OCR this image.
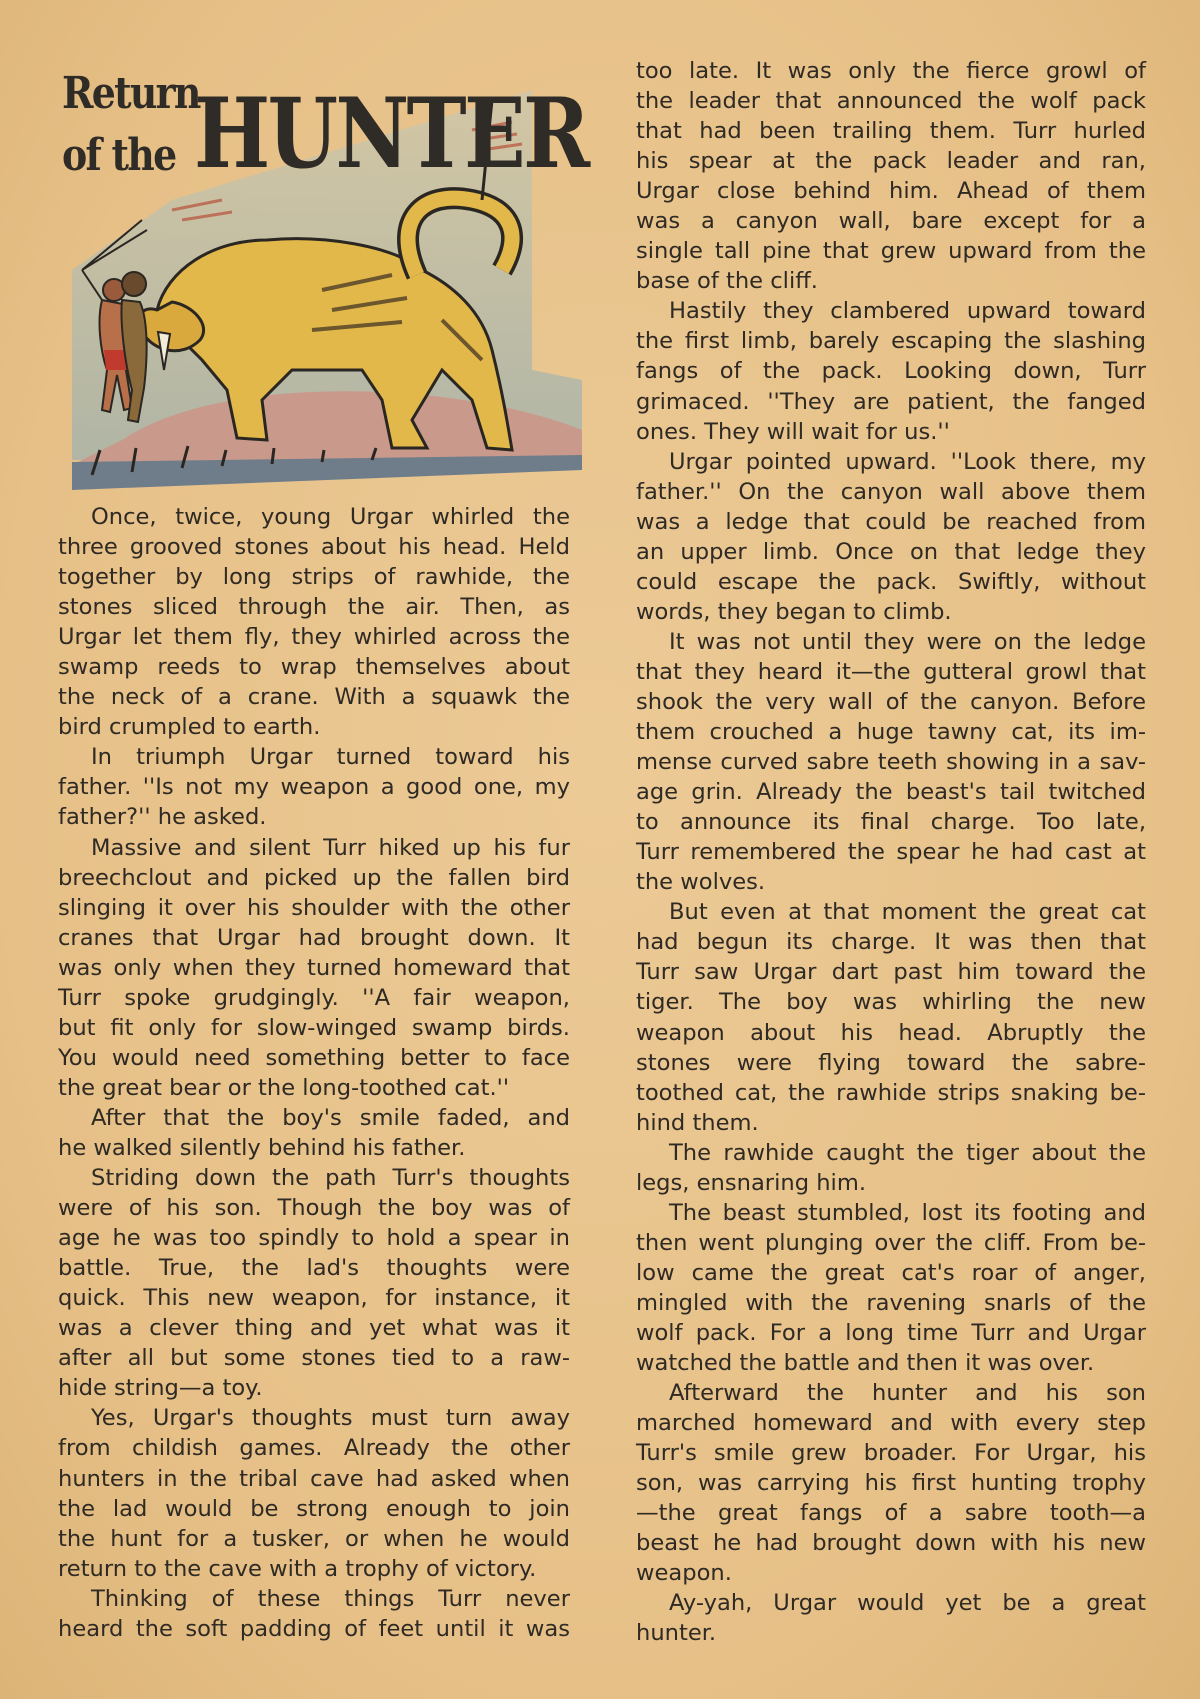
Return
of the HUNTER

Once, twice, young Urgar whirled the

three grooved stones about his head. Held

together by long strips of rawhide, the

stones sliced through the air. Then, as

Urgar let them fly, they whirled across the

swamp reeds to wrap themselves about

the neck of a crane. With a squawk the

bird crumpled to earth.

In triumph Urgar turned toward his

father. ''Is not my weapon a good one, my

father?'' he asked.

Massive and silent Turr hiked up his fur

breechclout and picked up the fallen bird

slinging it over his shoulder with the other

cranes that Urgar had brought down. It

was only when they turned homeward that

Turr spoke grudgingly. ''A fair weapon,

but fit only for slow-winged swamp birds.

You would need something better to face

the great bear or the long-toothed cat.''

After that the boy's smile faded, and

he walked silently behind his father.

Striding down the path Turr's thoughts

were of his son. Though the boy was of

age he was too spindly to hold a spear in

battle. True, the lad's thoughts were

quick. This new weapon, for instance, it

was a clever thing and yet what was it

after all but some stones tied to a raw-

hide string—a toy.

Yes, Urgar's thoughts must turn away

from childish games. Already the other

hunters in the tribal cave had asked when

the lad would be strong enough to join

the hunt for a tusker, or when he would

return to the cave with a trophy of victory.

Thinking of these things Turr never

heard the soft padding of feet until it was

too late. It was only the fierce growl of

the leader that announced the wolf pack

that had been trailing them. Turr hurled

his spear at the pack leader and ran,

Urgar close behind him. Ahead of them

was a canyon wall, bare except for a

single tall pine that grew upward from the

base of the cliff.

Hastily they clambered upward toward

the first limb, barely escaping the slashing

fangs of the pack. Looking down, Turr

grimaced. ''They are patient, the fanged

ones. They will wait for us.''

Urgar pointed upward. ''Look there, my

father.'' On the canyon wall above them

was a ledge that could be reached from

an upper limb. Once on that ledge they

could escape the pack. Swiftly, without

words, they began to climb.

It was not until they were on the ledge

that they heard it—the gutteral growl that

shook the very wall of the canyon. Before

them crouched a huge tawny cat, its im-

mense curved sabre teeth showing in a sav-

age grin. Already the beast's tail twitched

to announce its final charge. Too late,

Turr remembered the spear he had cast at

the wolves.

But even at that moment the great cat

had begun its charge. It was then that

Turr saw Urgar dart past him toward the

tiger. The boy was whirling the new

weapon about his head. Abruptly the

stones were flying toward the sabre-

toothed cat, the rawhide strips snaking be-

hind them.

The rawhide caught the tiger about the

legs, ensnaring him.

The beast stumbled, lost its footing and

then went plunging over the cliff. From be-

low came the great cat's roar of anger,

mingled with the ravening snarls of the

wolf pack. For a long time Turr and Urgar

watched the battle and then it was over.

Afterward the hunter and his son

marched homeward and with every step

Turr's smile grew broader. For Urgar, his

son, was carrying his first hunting trophy

—the great fangs of a sabre tooth—a

beast he had brought down with his new

weapon.

Ay-yah, Urgar would yet be a great

hunter.
